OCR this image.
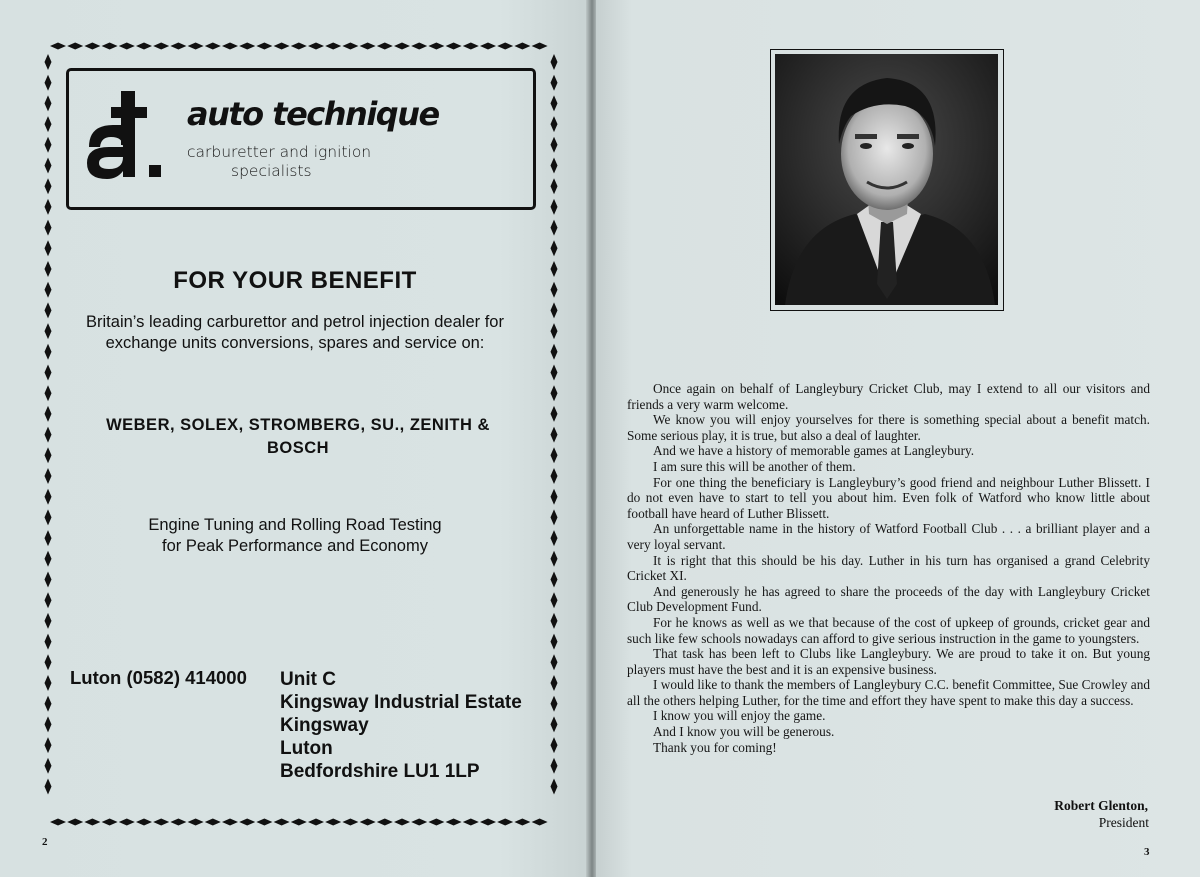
auto technique
carburetter and ignition
specialists
FOR YOUR BENEFIT
Britain’s leading carburettor and petrol injection dealer for exchange units conversions, spares and service on:
WEBER, SOLEX, STROMBERG, SU., ZENITH &
BOSCH
Engine Tuning and Rolling Road Testing
for Peak Performance and Economy
Luton (0582) 414000 Unit C
Kingsway Industrial Estate
Kingsway
Luton
Bedfordshire LU1 1LP
2

Once again on behalf of Langleybury Cricket Club, may I extend to all our visitors and friends a very warm welcome.

We know you will enjoy yourselves for there is something special about a benefit match. Some serious play, it is true, but also a deal of laughter.

And we have a history of memorable games at Langleybury.

I am sure this will be another of them.

For one thing the beneficiary is Langleybury’s good friend and neighbour Luther Blissett. I do not even have to start to tell you about him. Even folk of Watford who know little about football have heard of Luther Blissett.

An unforgettable name in the history of Watford Football Club . . . a brilliant player and a very loyal servant.

It is right that this should be his day. Luther in his turn has organised a grand Celebrity Cricket XI.

And generously he has agreed to share the proceeds of the day with Langleybury Cricket Club Development Fund.

For he knows as well as we that because of the cost of upkeep of grounds, cricket gear and such like few schools nowadays can afford to give serious instruction in the game to youngsters.

That task has been left to Clubs like Langleybury. We are proud to take it on. But young players must have the best and it is an expensive business.

I would like to thank the members of Langleybury C.C. benefit Committee, Sue Crowley and all the others helping Luther, for the time and effort they have spent to make this day a success.

I know you will enjoy the game.

And I know you will be generous.

Thank you for coming!

Robert Glenton,
President
3
